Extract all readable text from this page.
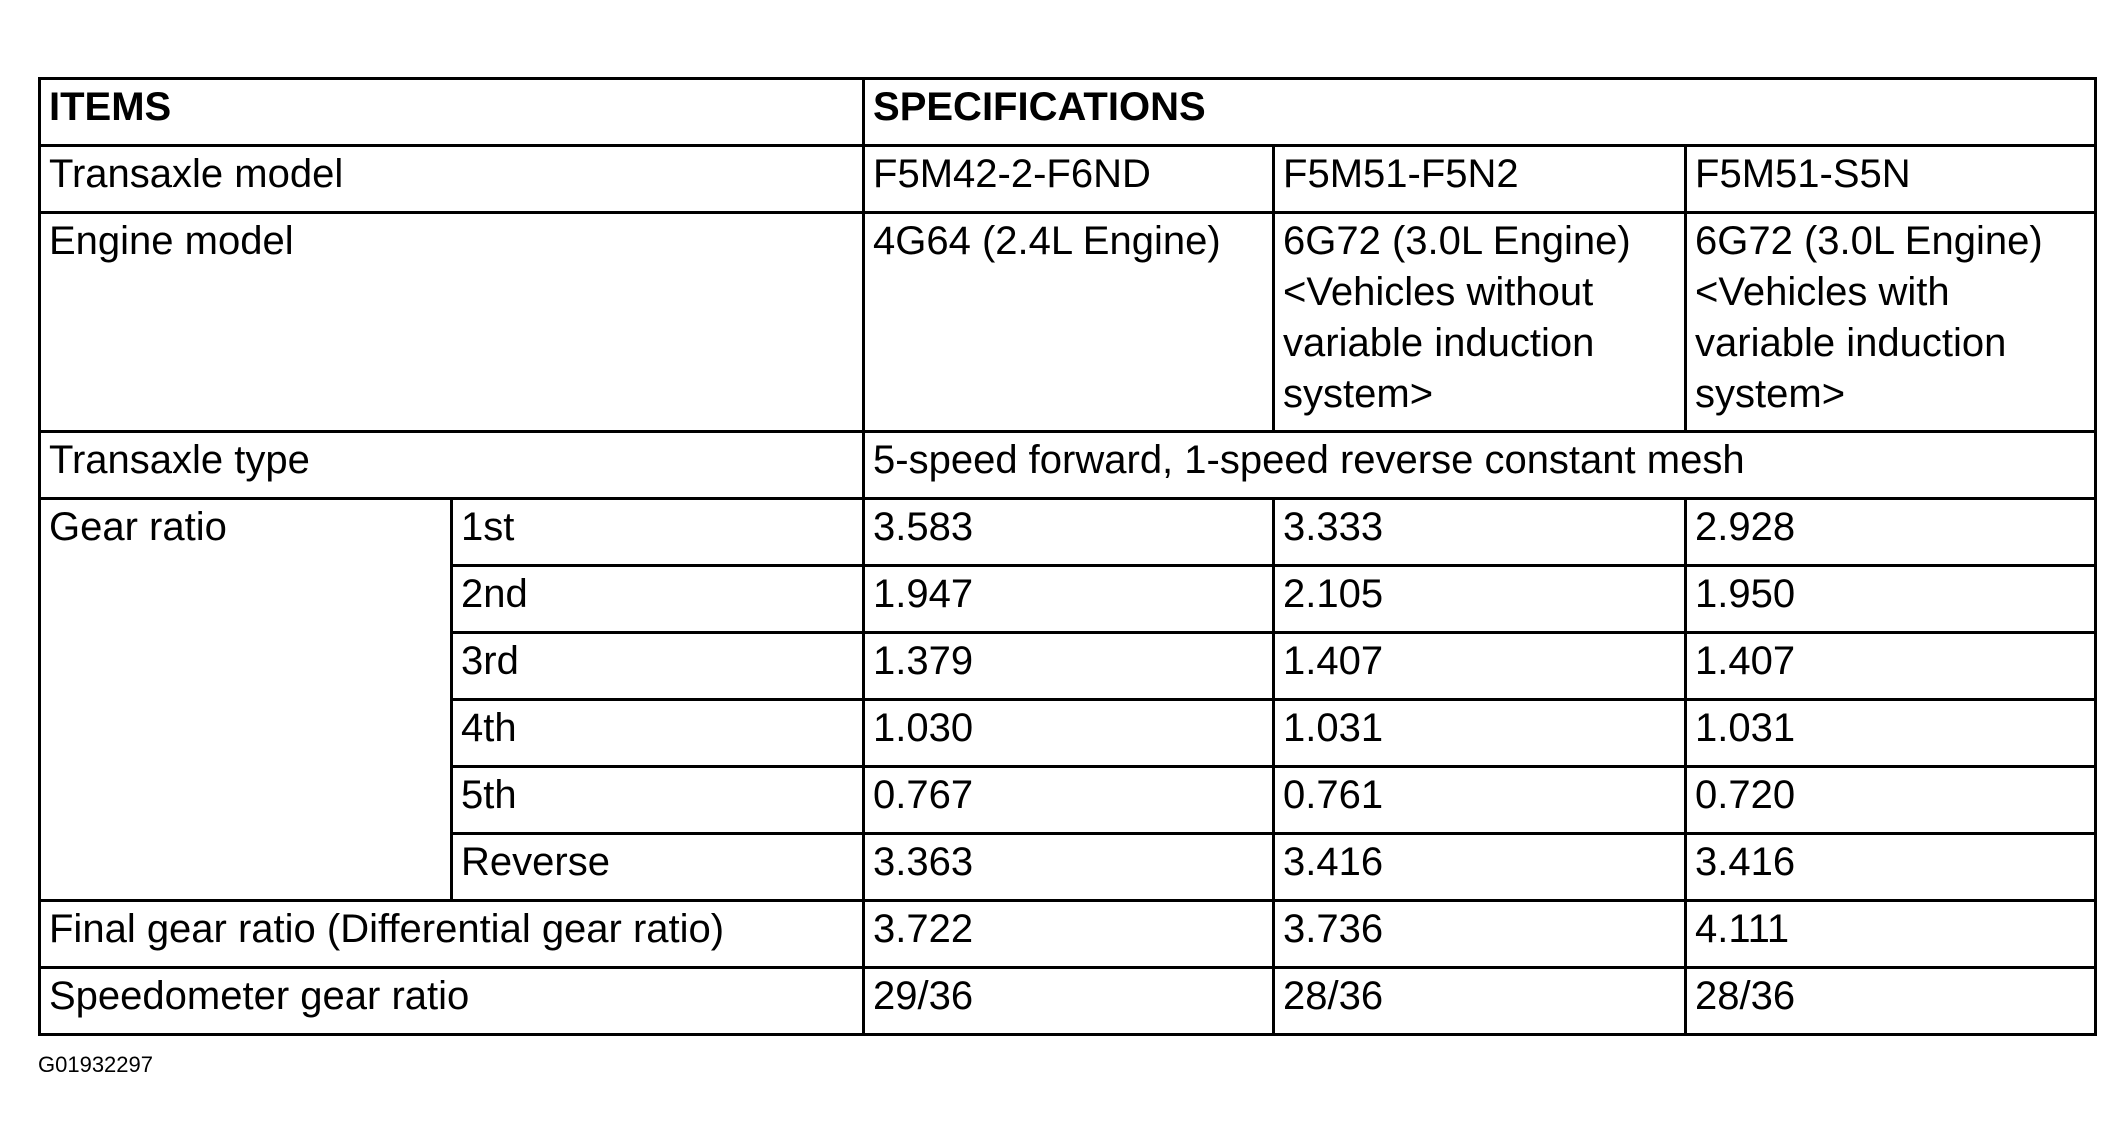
ITEMS		SPECIFICATIONS		
Transaxle model		F5M42-2-F6ND	F5M51-F5N2	F5M51-S5N
Engine model		4G64 (2.4L Engine)	6G72 (3.0L Engine) <Vehicles without variable induction system>	6G72 (3.0L Engine) <Vehicles with variable induction system>
Transaxle type		5-speed forward, 1-speed reverse constant mesh		
Gear ratio	1st	3.583	3.333	2.928
	2nd	1.947	2.105	1.950
	3rd	1.379	1.407	1.407
	4th	1.030	1.031	1.031
	5th	0.767	0.761	0.720
	Reverse	3.363	3.416	3.416
Final gear ratio (Differential gear ratio)		3.722	3.736	4.111
Speedometer gear ratio		29/36	28/36	28/36
G01932297
